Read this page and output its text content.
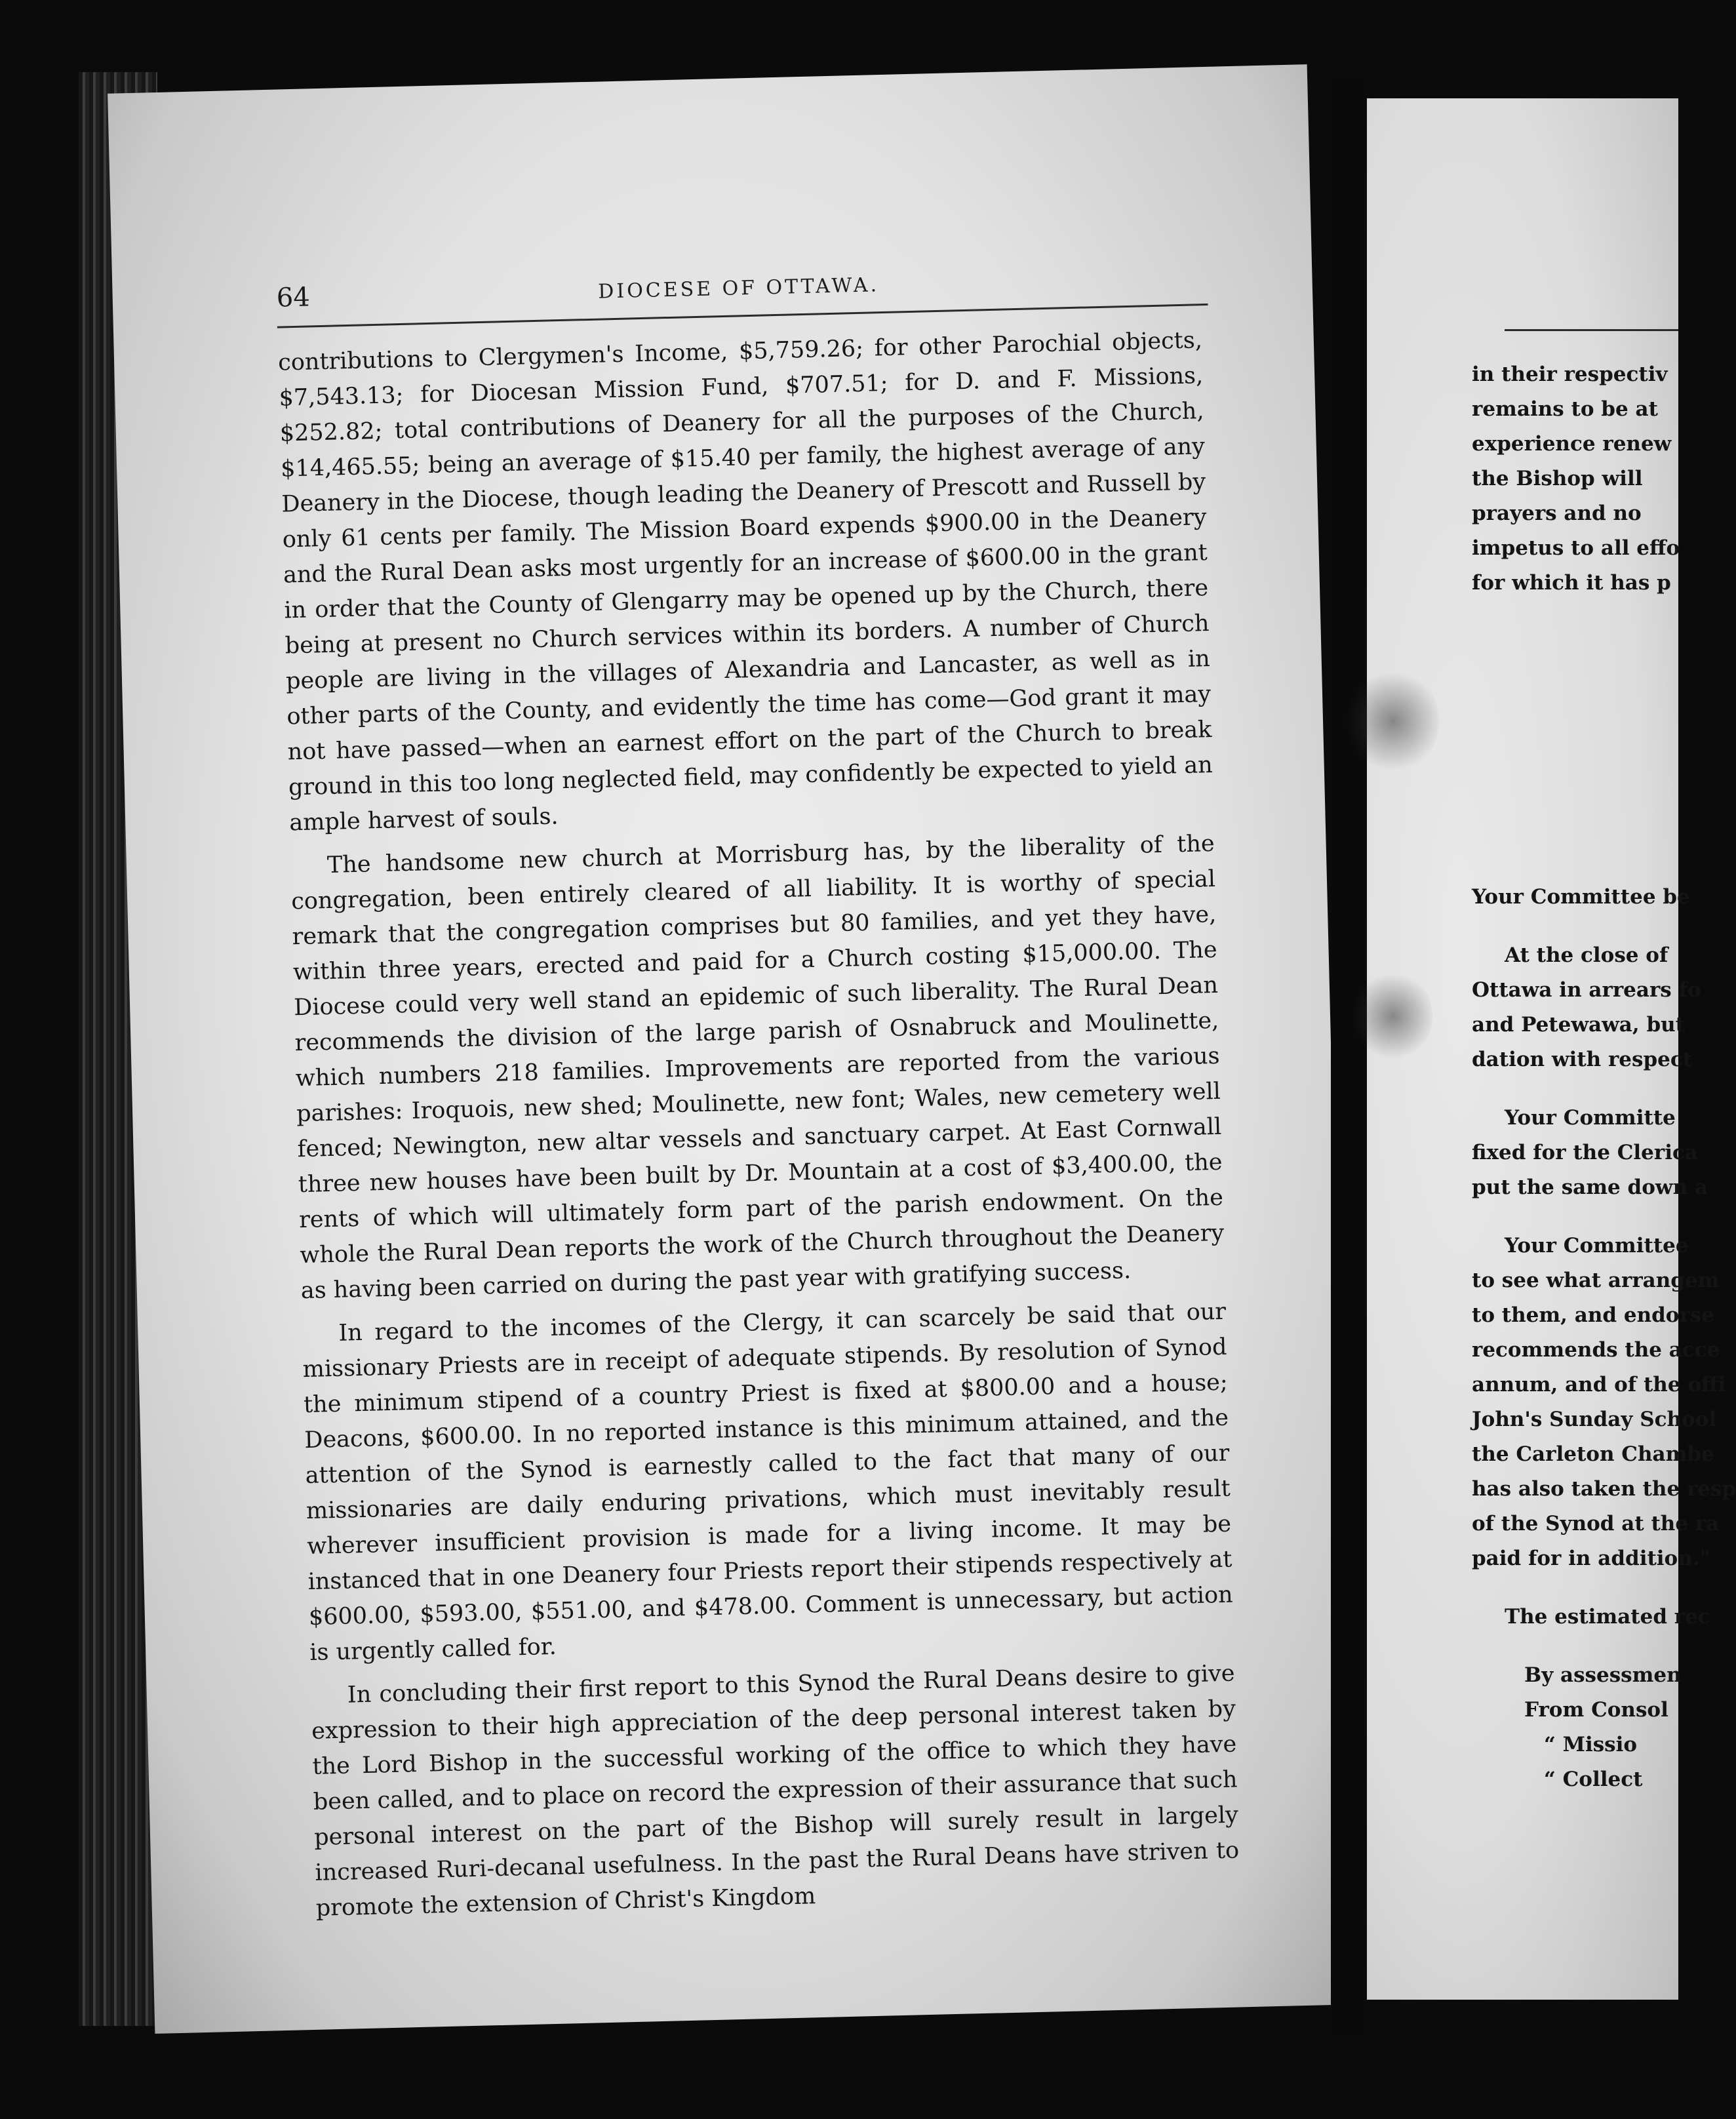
64	DIOCESE OF OTTAWA.

contributions to Clergymen's Income, $5,759.26; for other Parochial objects, $7,543.13; for Diocesan Mission Fund, $707.51; for D. and F. Missions, $252.82; total contributions of Deanery for all the purposes of the Church, $14,465.55; being an average of $15.40 per family, the highest average of any Deanery in the Diocese, though leading the Deanery of Prescott and Russell by only 61 cents per family. The Mission Board expends $900.00 in the Deanery and the Rural Dean asks most urgently for an increase of $600.00 in the grant in order that the County of Glengarry may be opened up by the Church, there being at present no Church services within its borders. A number of Church people are living in the villages of Alexandria and Lancaster, as well as in other parts of the County, and evidently the time has come—God grant it may not have passed—when an earnest effort on the part of the Church to break ground in this too long neglected field, may confidently be expected to yield an ample harvest of souls.

The handsome new church at Morrisburg has, by the liberality of the congregation, been entirely cleared of all liability. It is worthy of special remark that the congregation comprises but 80 families, and yet they have, within three years, erected and paid for a Church costing $15,000.00. The Diocese could very well stand an epidemic of such liberality. The Rural Dean recommends the division of the large parish of Osnabruck and Moulinette, which numbers 218 families. Improvements are reported from the various parishes: Iroquois, new shed; Moulinette, new font; Wales, new cemetery well fenced; Newington, new altar vessels and sanctuary carpet. At East Cornwall three new houses have been built by Dr. Mountain at a cost of $3,400.00, the rents of which will ultimately form part of the parish endowment. On the whole the Rural Dean reports the work of the Church throughout the Deanery as having been carried on during the past year with gratifying success.

In regard to the incomes of the Clergy, it can scarcely be said that our missionary Priests are in receipt of adequate stipends. By resolution of Synod the minimum stipend of a country Priest is fixed at $800.00 and a house; Deacons, $600.00. In no reported instance is this minimum attained, and the attention of the Synod is earnestly called to the fact that many of our missionaries are daily enduring privations, which must inevitably result wherever insufficient provision is made for a living income. It may be instanced that in one Deanery four Priests report their stipends respectively at $600.00, $593.00, $551.00, and $478.00. Comment is unnecessary, but action is urgently called for.

In concluding their first report to this Synod the Rural Deans desire to give expression to their high appreciation of the deep personal interest taken by the Lord Bishop in the successful working of the office to which they have been called, and to place on record the expression of their assurance that such personal interest on the part of the Bishop will surely result in largely increased Ruri-decanal usefulness. In the past the Rural Deans have striven to promote the extension of Christ's Kingdom

in their respectiv
remains to be at
experience renew
the Bishop will
prayers and no
impetus to all effo
for which it has p
Your Committee be
At the close of
Ottawa in arrears fo
and Petewawa, but
dation with respect
Your Committe
fixed for the Clerica
put the same down a
Your Committee
to see what arrangem
to them, and endorse
recommends the acce
annum, and of the offi
John's Sunday School
the Carleton Chambe
has also taken the resp
of the Synod at the ra
paid for in addition."
The estimated rec
By assessmen
From Consol
“ Missio
“ Collect
